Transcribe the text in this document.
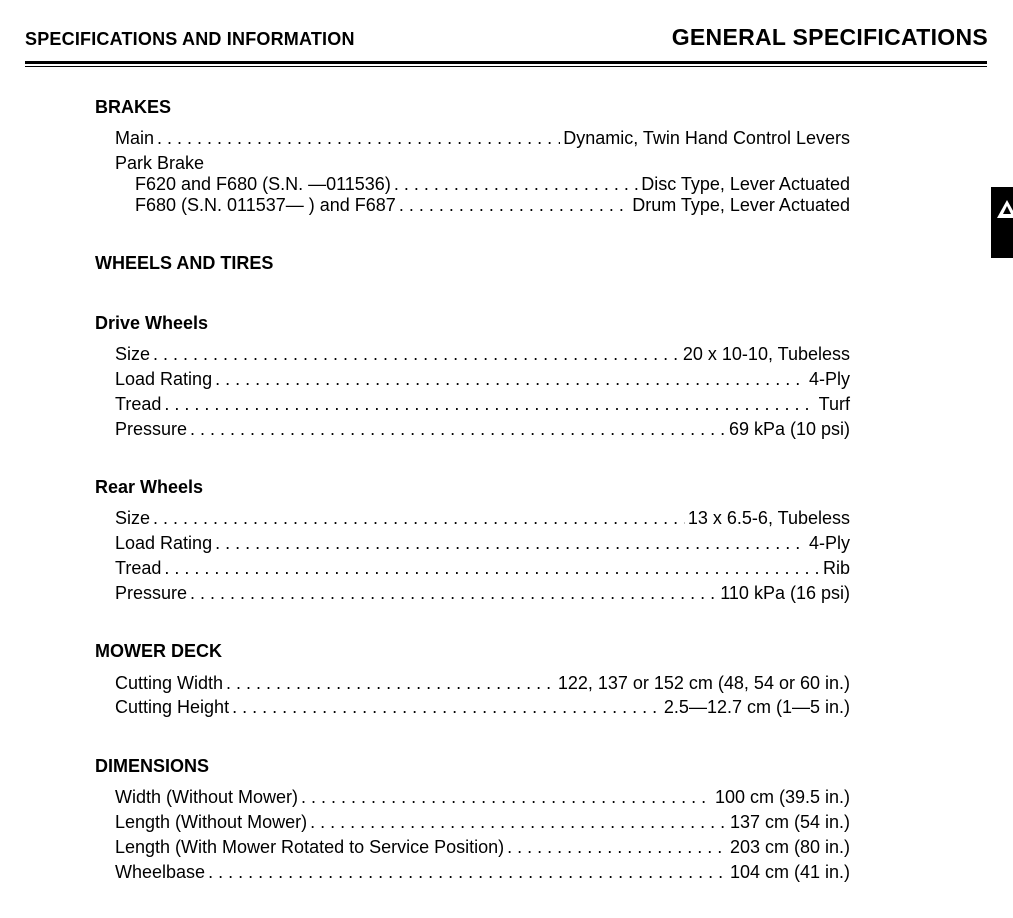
SPECIFICATIONS AND INFORMATION	GENERAL SPECIFICATIONS
BRAKES
Main . . .	Dynamic, Twin Hand Control Levers
Park Brake
F620 and F680 (S.N. —011536) . . .	Disc Type, Lever Actuated
F680 (S.N. 011537— ) and F687 . . .	Drum Type, Lever Actuated
WHEELS AND TIRES
Drive Wheels
Size . . .	20 x 10-10, Tubeless
Load Rating . . .	4-Ply
Tread . . .	Turf
Pressure . . .	69 kPa (10 psi)
Rear Wheels
Size . . .	13 x 6.5-6, Tubeless
Load Rating . . .	4-Ply
Tread . . .	Rib
Pressure . . .	110 kPa (16 psi)
MOWER DECK
Cutting Width . . .	122, 137 or 152 cm (48, 54 or 60 in.)
Cutting Height . . .	2.5—12.7 cm (1—5 in.)
DIMENSIONS
Width (Without Mower) . . .	100 cm (39.5 in.)
Length (Without Mower) . . .	137 cm (54 in.)
Length (With Mower Rotated to Service Position) . . .	203 cm (80 in.)
Wheelbase . . .	104 cm (41 in.)
